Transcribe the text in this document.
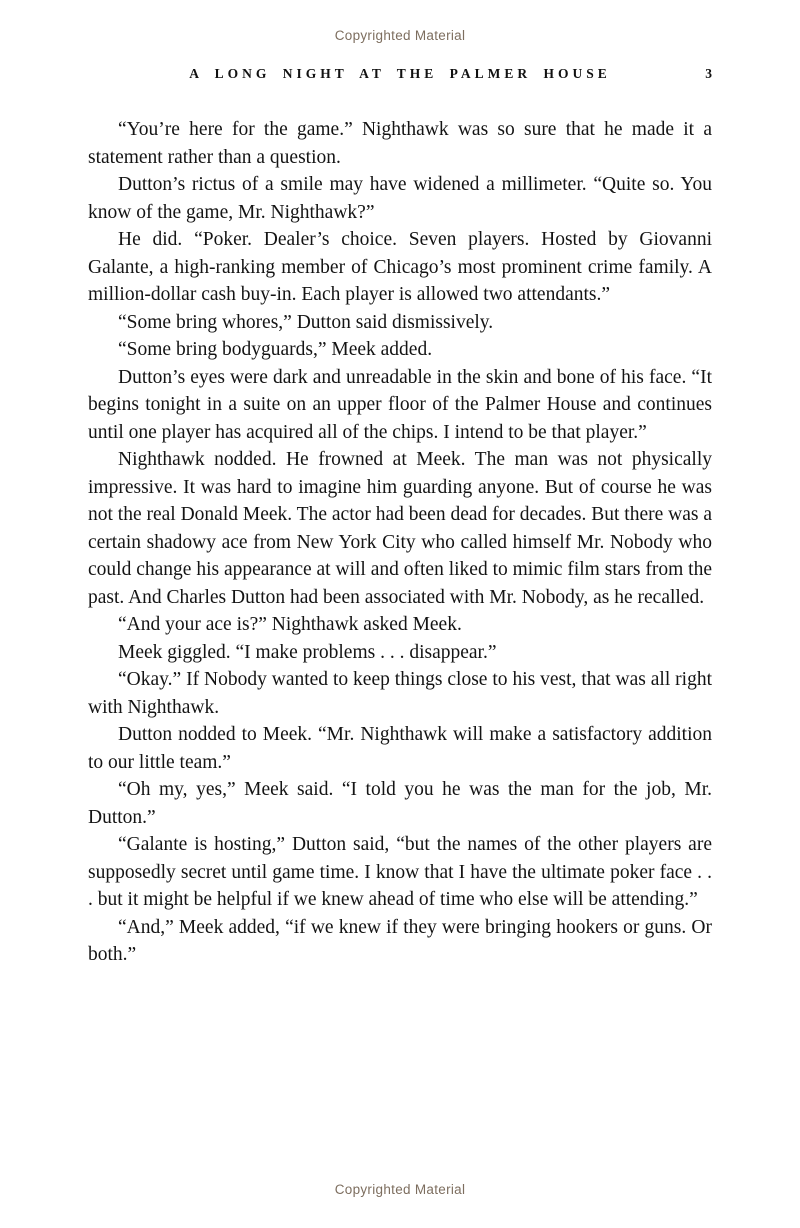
Copyrighted Material
A LONG NIGHT AT THE PALMER HOUSE	3

“You’re here for the game.” Nighthawk was so sure that he made it a statement rather than a question.

Dutton’s rictus of a smile may have widened a millimeter. “Quite so. You know of the game, Mr. Nighthawk?”

He did. “Poker. Dealer’s choice. Seven players. Hosted by Giovanni Galante, a high-ranking member of Chicago’s most prominent crime family. A million-dollar cash buy-in. Each player is allowed two attendants.”

“Some bring whores,” Dutton said dismissively.

“Some bring bodyguards,” Meek added.

Dutton’s eyes were dark and unreadable in the skin and bone of his face. “It begins tonight in a suite on an upper floor of the Palmer House and continues until one player has acquired all of the chips. I intend to be that player.”

Nighthawk nodded. He frowned at Meek. The man was not physically impressive. It was hard to imagine him guarding anyone. But of course he was not the real Donald Meek. The actor had been dead for decades. But there was a certain shadowy ace from New York City who called himself Mr. Nobody who could change his appearance at will and often liked to mimic film stars from the past. And Charles Dutton had been associated with Mr. Nobody, as he recalled.

“And your ace is?” Nighthawk asked Meek.

Meek giggled. “I make problems . . . disappear.”

“Okay.” If Nobody wanted to keep things close to his vest, that was all right with Nighthawk.

Dutton nodded to Meek. “Mr. Nighthawk will make a satisfactory addition to our little team.”

“Oh my, yes,” Meek said. “I told you he was the man for the job, Mr. Dutton.”

“Galante is hosting,” Dutton said, “but the names of the other players are supposedly secret until game time. I know that I have the ultimate poker face . . . but it might be helpful if we knew ahead of time who else will be attending.”

“And,” Meek added, “if we knew if they were bringing hookers or guns. Or both.”

Copyrighted Material
